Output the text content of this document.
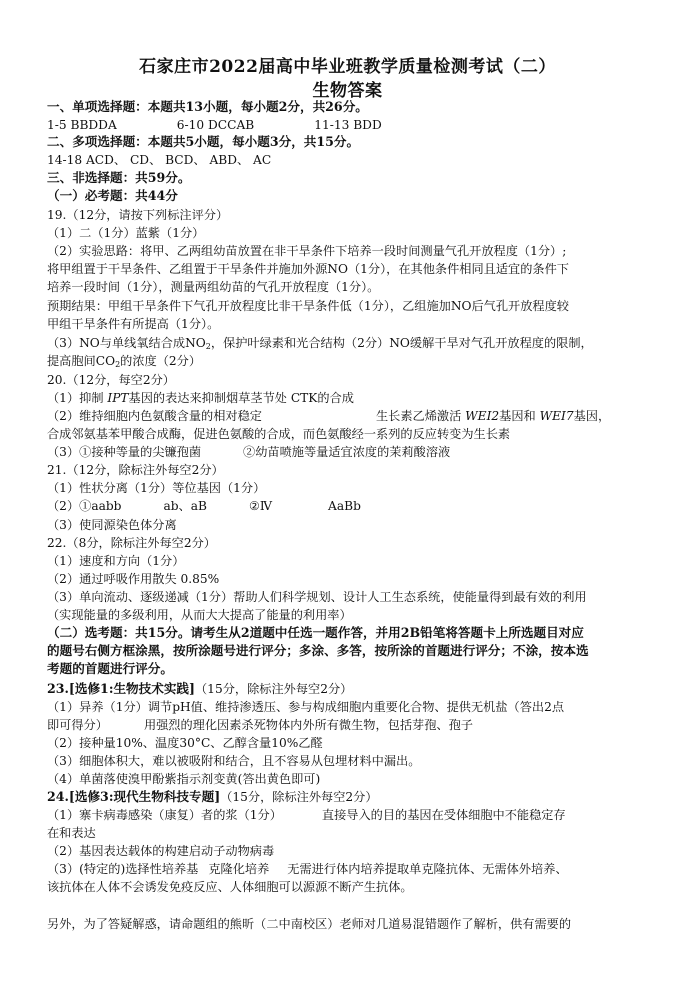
石家庄市2022届高中毕业班教学质量检测考试（二）
生物答案
一、单项选择题：本题共13小题，每小题2分，共26分。
1-5 BBDDA	6-10 DCCAB	11-13 BDD
二、多项选择题：本题共5小题，每小题3分，共15分。
14-18 ACD、 CD、 BCD、 ABD、 AC
三、非选择题：共59分。
（一）必考题：共44分
19.（12分，请按下列标注评分）
（1）二（1分）蓝紫（1分）
（2）实验思路：将甲、乙两组幼苗放置在非干旱条件下培养一段时间测量气孔开放程度（1分）;
将甲组置于干旱条件、乙组置于干旱条件并施加外源NO（1分），在其他条件相同且适宜的条件下
培养一段时间（1分），测量两组幼苗的气孔开放程度（1分）。
预期结果：甲组干旱条件下气孔开放程度比非干旱条件低（1分），乙组施加NO后气孔开放程度较
甲组干旱条件有所提高（1分）。
（3）NO与单线氧结合成$NO_2$，保护叶绿素和光合结构（2分）NO缓解干旱对气孔开放程度的限制，
提高胞间$CO_2$的浓度（2分）
20.（12分，每空2分）
（1）抑制 IPT基因的表达来抑制烟草茎节处 CTK的合成
（2）维持细胞内色氨酸含量的相对稳定	生长素乙烯激活 WEI2基因和 WEI7基因，
合成邻氨基苯甲酸合成酶，促进色氨酸的合成，而色氨酸经一系列的反应转变为生长素
（3）①接种等量的尖镰孢菌	②幼苗喷施等量适宜浓度的茉莉酸溶液
21.（12分，除标注外每空2分）
（1）性状分离（1分）等位基因（1分）
（2）①aabb	ab、aB	②Ⅳ	AaBb
（3）使同源染色体分离
22.（8分，除标注外每空2分）
（1）速度和方向（1分）
（2）通过呼吸作用散失 0.85%
（3）单向流动、逐级递减（1分）帮助人们科学规划、设计人工生态系统，使能量得到最有效的利用
（实现能量的多级利用，从而大大提高了能量的利用率）
（二）选考题：共15分。请考生从2道题中任选一题作答，并用2B铅笔将答题卡上所选题目对应
的题号右侧方框涂黑，按所涂题号进行评分；多涂、多答，按所涂的首题进行评分；不涂，按本选
考题的首题进行评分。
23.[选修1:生物技术实践]（15分，除标注外每空2分）
（1）异养（1分）调节pH值、维持渗透压、参与构成细胞内重要化合物、提供无机盐（答出2点
即可得分）	用强烈的理化因素杀死物体内外所有微生物，包括芽孢、孢子
（2）接种量10%、温度30°C、乙醇含量10%乙醛
（3）细胞体积大，难以被吸附和结合，且不容易从包埋材料中漏出。
（4）单菌落使溴甲酚紫指示剂变黄(答出黄色即可)
24.[选修3:现代生物科技专题]（15分，除标注外每空2分）
（1）寨卡病毒感染（康复）者的浆（1分）	直接导入的目的基因在受体细胞中不能稳定存
在和表达
（2）基因表达载体的构建启动子动物病毒
（3）(特定的)选择性培养基 克隆化培养 无需进行体内培养提取单克隆抗体、无需体外培养、
该抗体在人体不会诱发免疫反应、人体细胞可以源源不断产生抗体。
另外，为了答疑解惑，请命题组的熊昕（二中南校区）老师对几道易混错题作了解析，供有需要的
